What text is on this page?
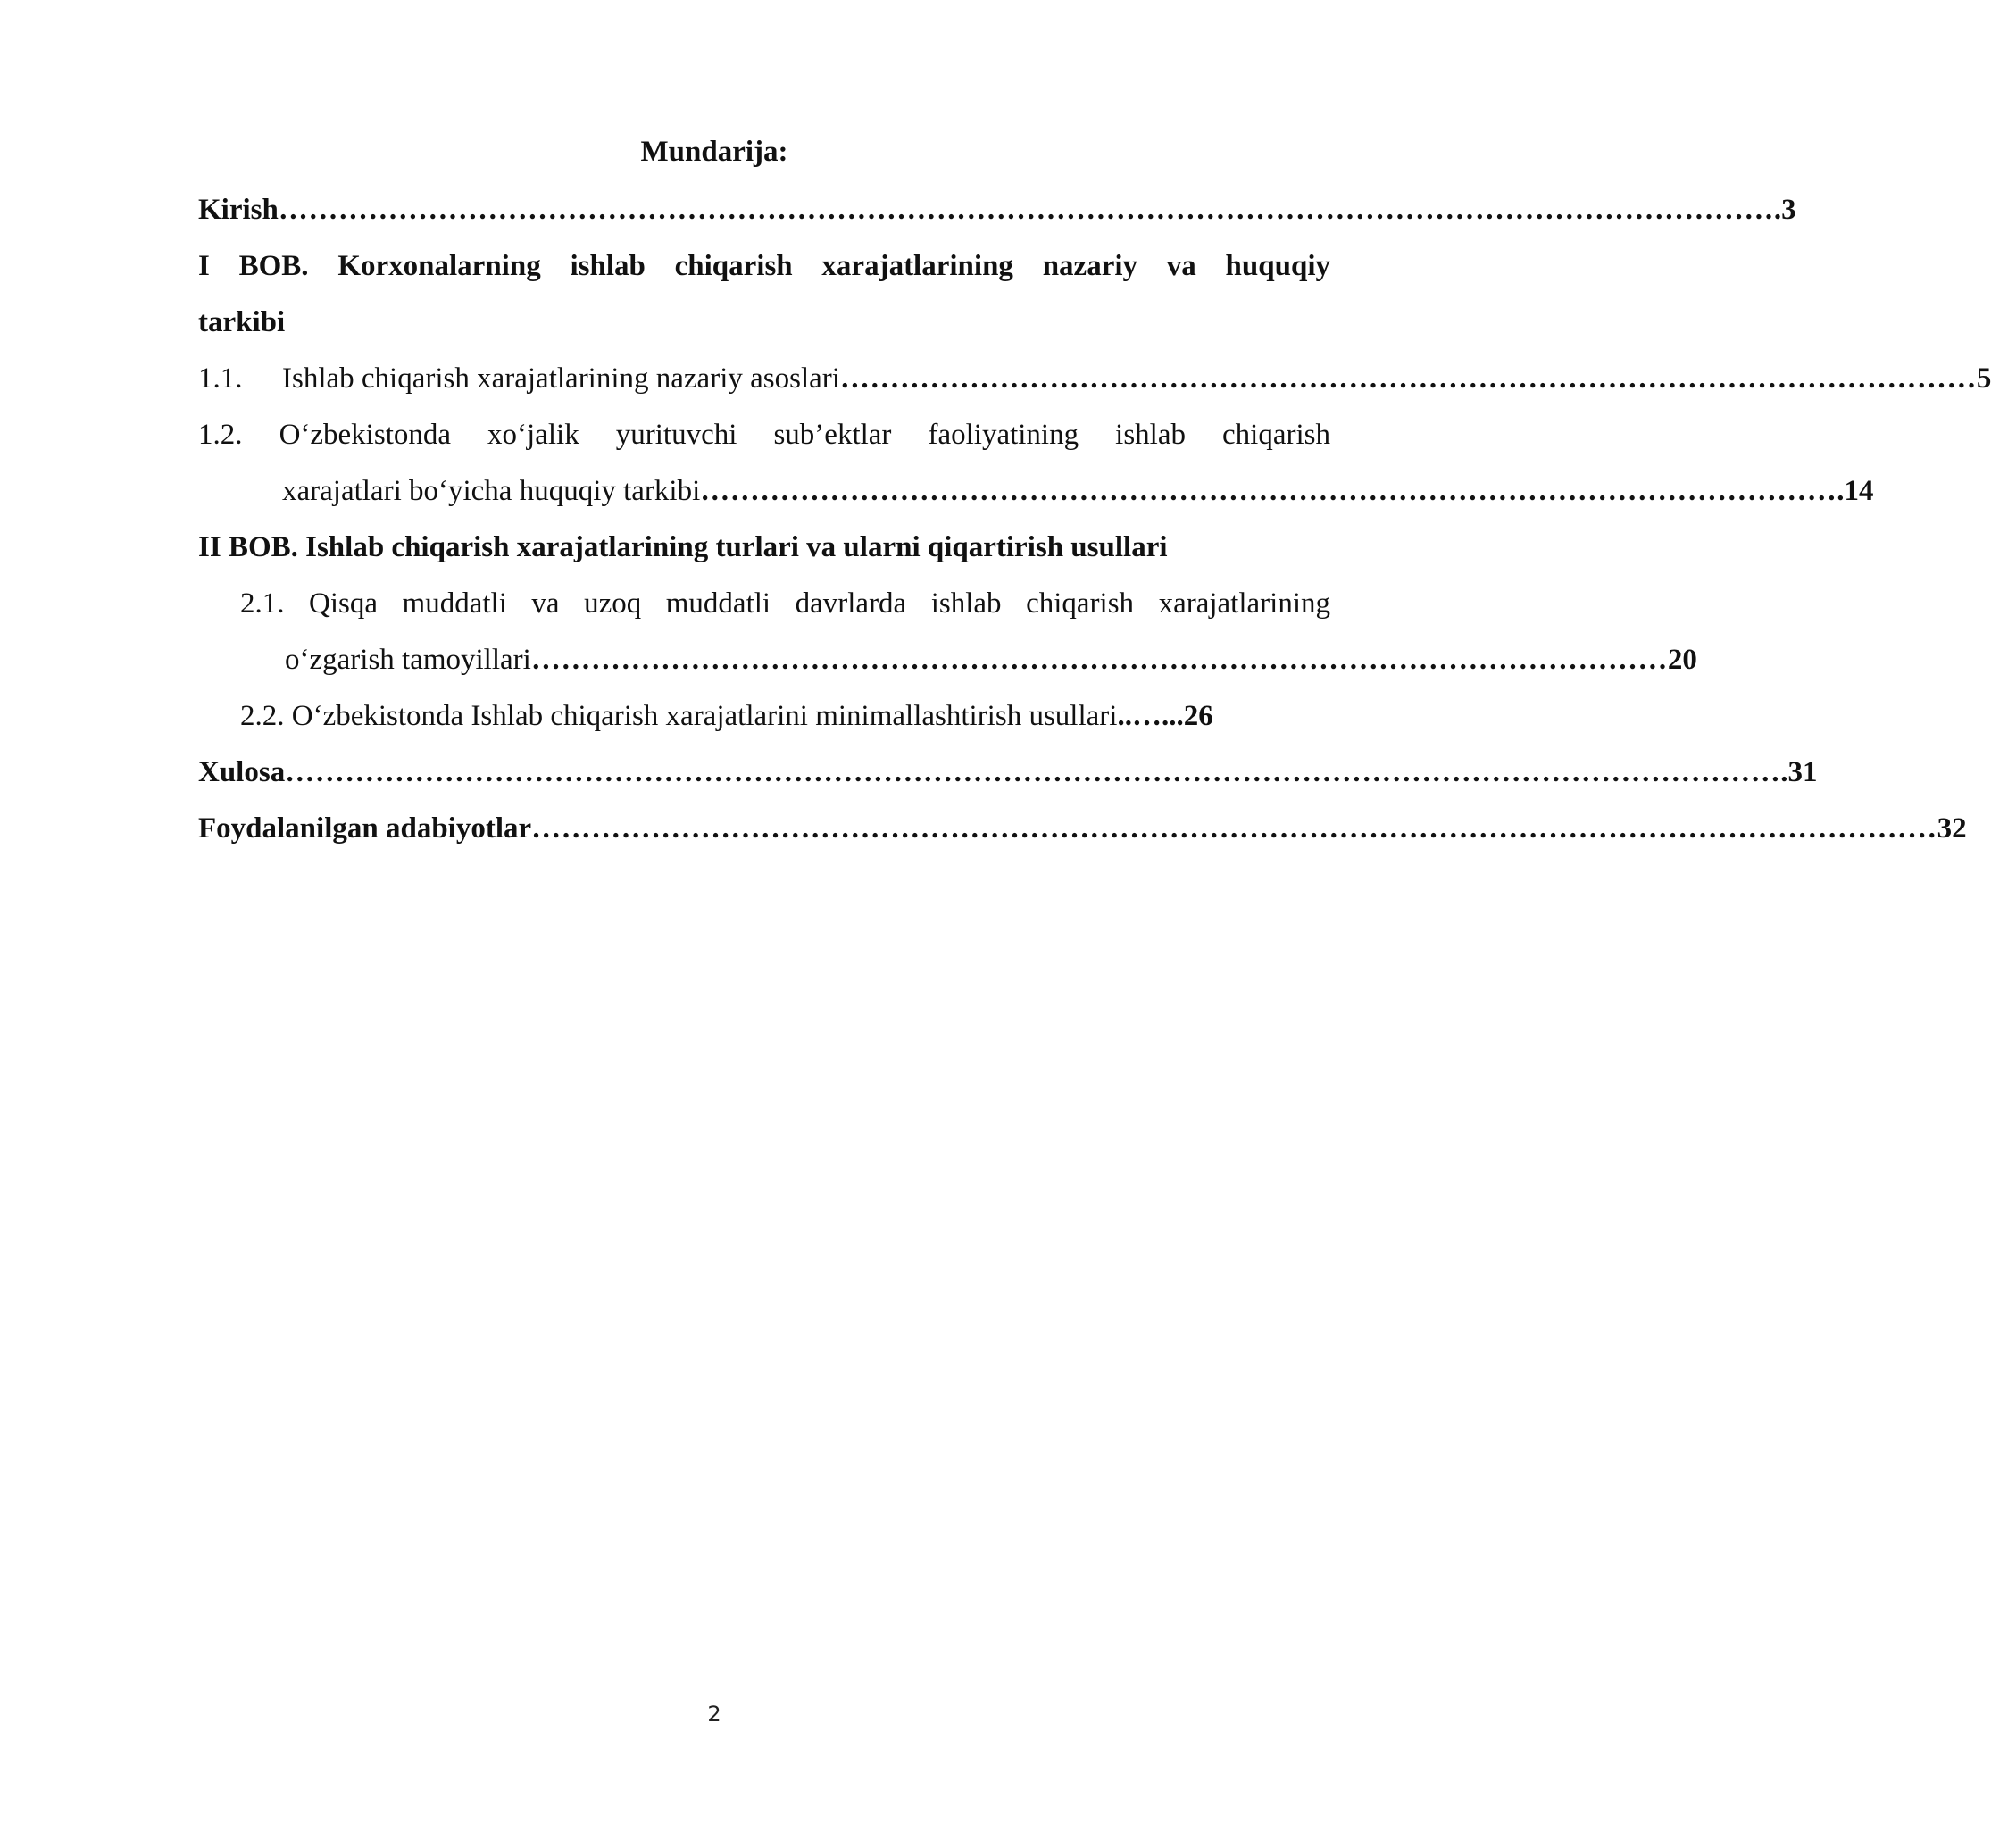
Mundarija:
Kirish …………………………………………………………………………………………………………………………………… .3
I BOB. Korxonalarning ishlab chiqarish xarajatlarining nazariy va huquqiy
tarkibi
1.1.	Ishlab chiqarish xarajatlarining nazariy asoslari …………………………………………………………………………………………………… 5
1.2. O‘zbekistonda xo‘jalik yurituvchi sub’ektlar faoliyatining ishlab chiqarish
xarajatlari bo‘yicha huquqiy tarkibi …………………………………………………………………………………………………… .14
II BOB. Ishlab chiqarish xarajatlarining turlari va ularni qiqartirish usullari
2.1. Qisqa muddatli va uzoq muddatli davrlarda ishlab chiqarish xarajatlarining
o‘zgarish tamoyillari …………………………………………………………………………………………………… 20
2.2. O‘zbekistonda Ishlab chiqarish xarajatlarini minimallashtirish usullari ..…...26
Xulosa …………………………………………………………………………………………………………………………………… .31
Foydalanilgan adabiyotlar …………………………………………………………………………………………………………………………… 32
2
